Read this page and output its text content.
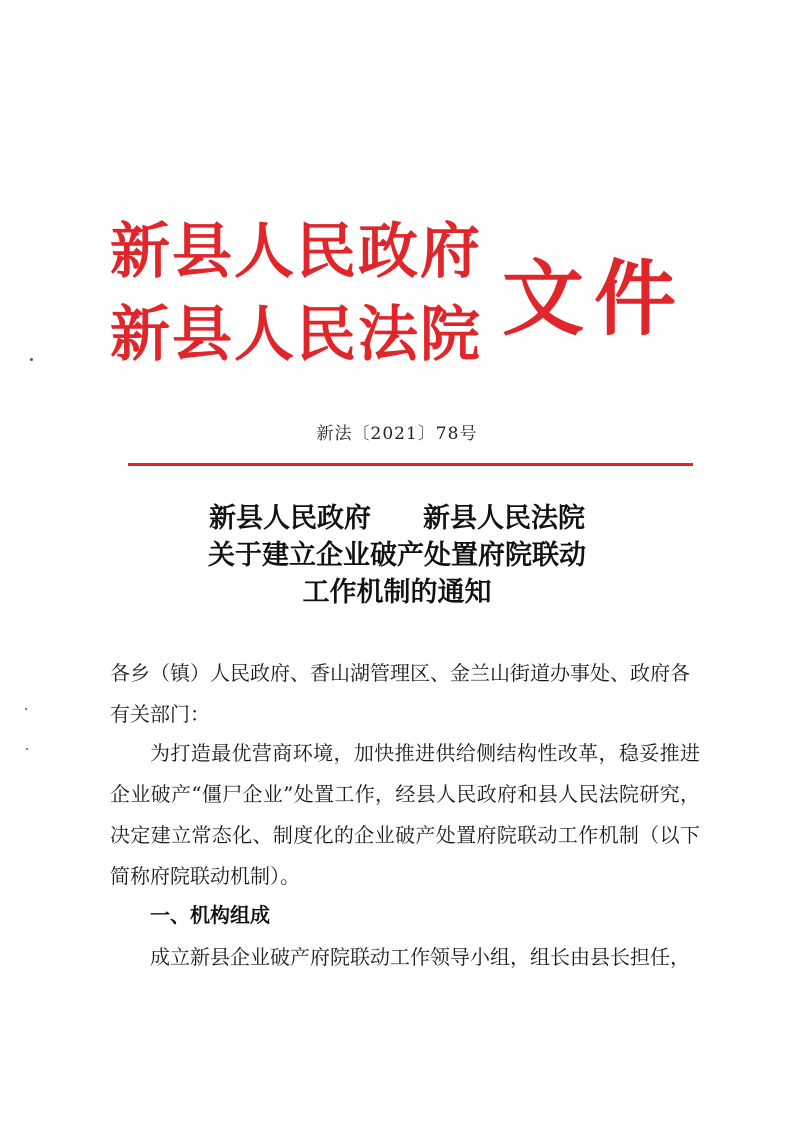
新县人民政府
新县人民法院 文件
新法〔2021〕78号
新县人民政府 新县人民法院
关于建立企业破产处置府院联动
工作机制的通知
各乡（镇）人民政府、香山湖管理区、金兰山街道办事处、政府各有关部门：
为打造最优营商环境，加快推进供给侧结构性改革，稳妥推进企业破产“僵尸企业”处置工作，经县人民政府和县人民法院研究，决定建立常态化、制度化的企业破产处置府院联动工作机制（以下简称府院联动机制）。
一、机构组成
成立新县企业破产府院联动工作领导小组，组长由县长担任，
